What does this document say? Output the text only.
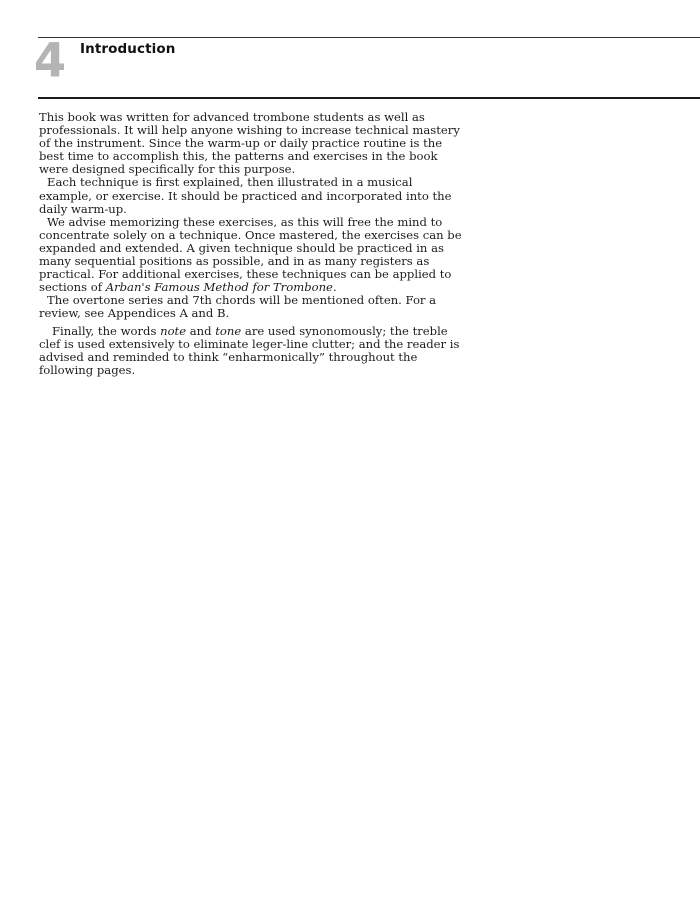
4 Introduction

This book was written for advanced trombone students as well as professionals. It will help anyone wishing to increase technical mastery of the instrument. Since the warm-up or daily practice routine is the best time to accomplish this, the patterns and exercises in the book were designed specifically for this purpose.

Each technique is first explained, then illustrated in a musical example, or exercise. It should be practiced and incorporated into the daily warm-up.

We advise memorizing these exercises, as this will free the mind to concentrate solely on a technique. Once mastered, the exercises can be expanded and extended. A given technique should be practiced in as many sequential positions as possible, and in as many registers as practical. For additional exercises, these techniques can be applied to sections of Arban's Famous Method for Trombone.

The overtone series and 7th chords will be mentioned often. For a review, see Appendices A and B.

Finally, the words note and tone are used synonomously; the treble clef is used extensively to eliminate leger-line clutter; and the reader is advised and reminded to think “enharmonically” throughout the following pages.
